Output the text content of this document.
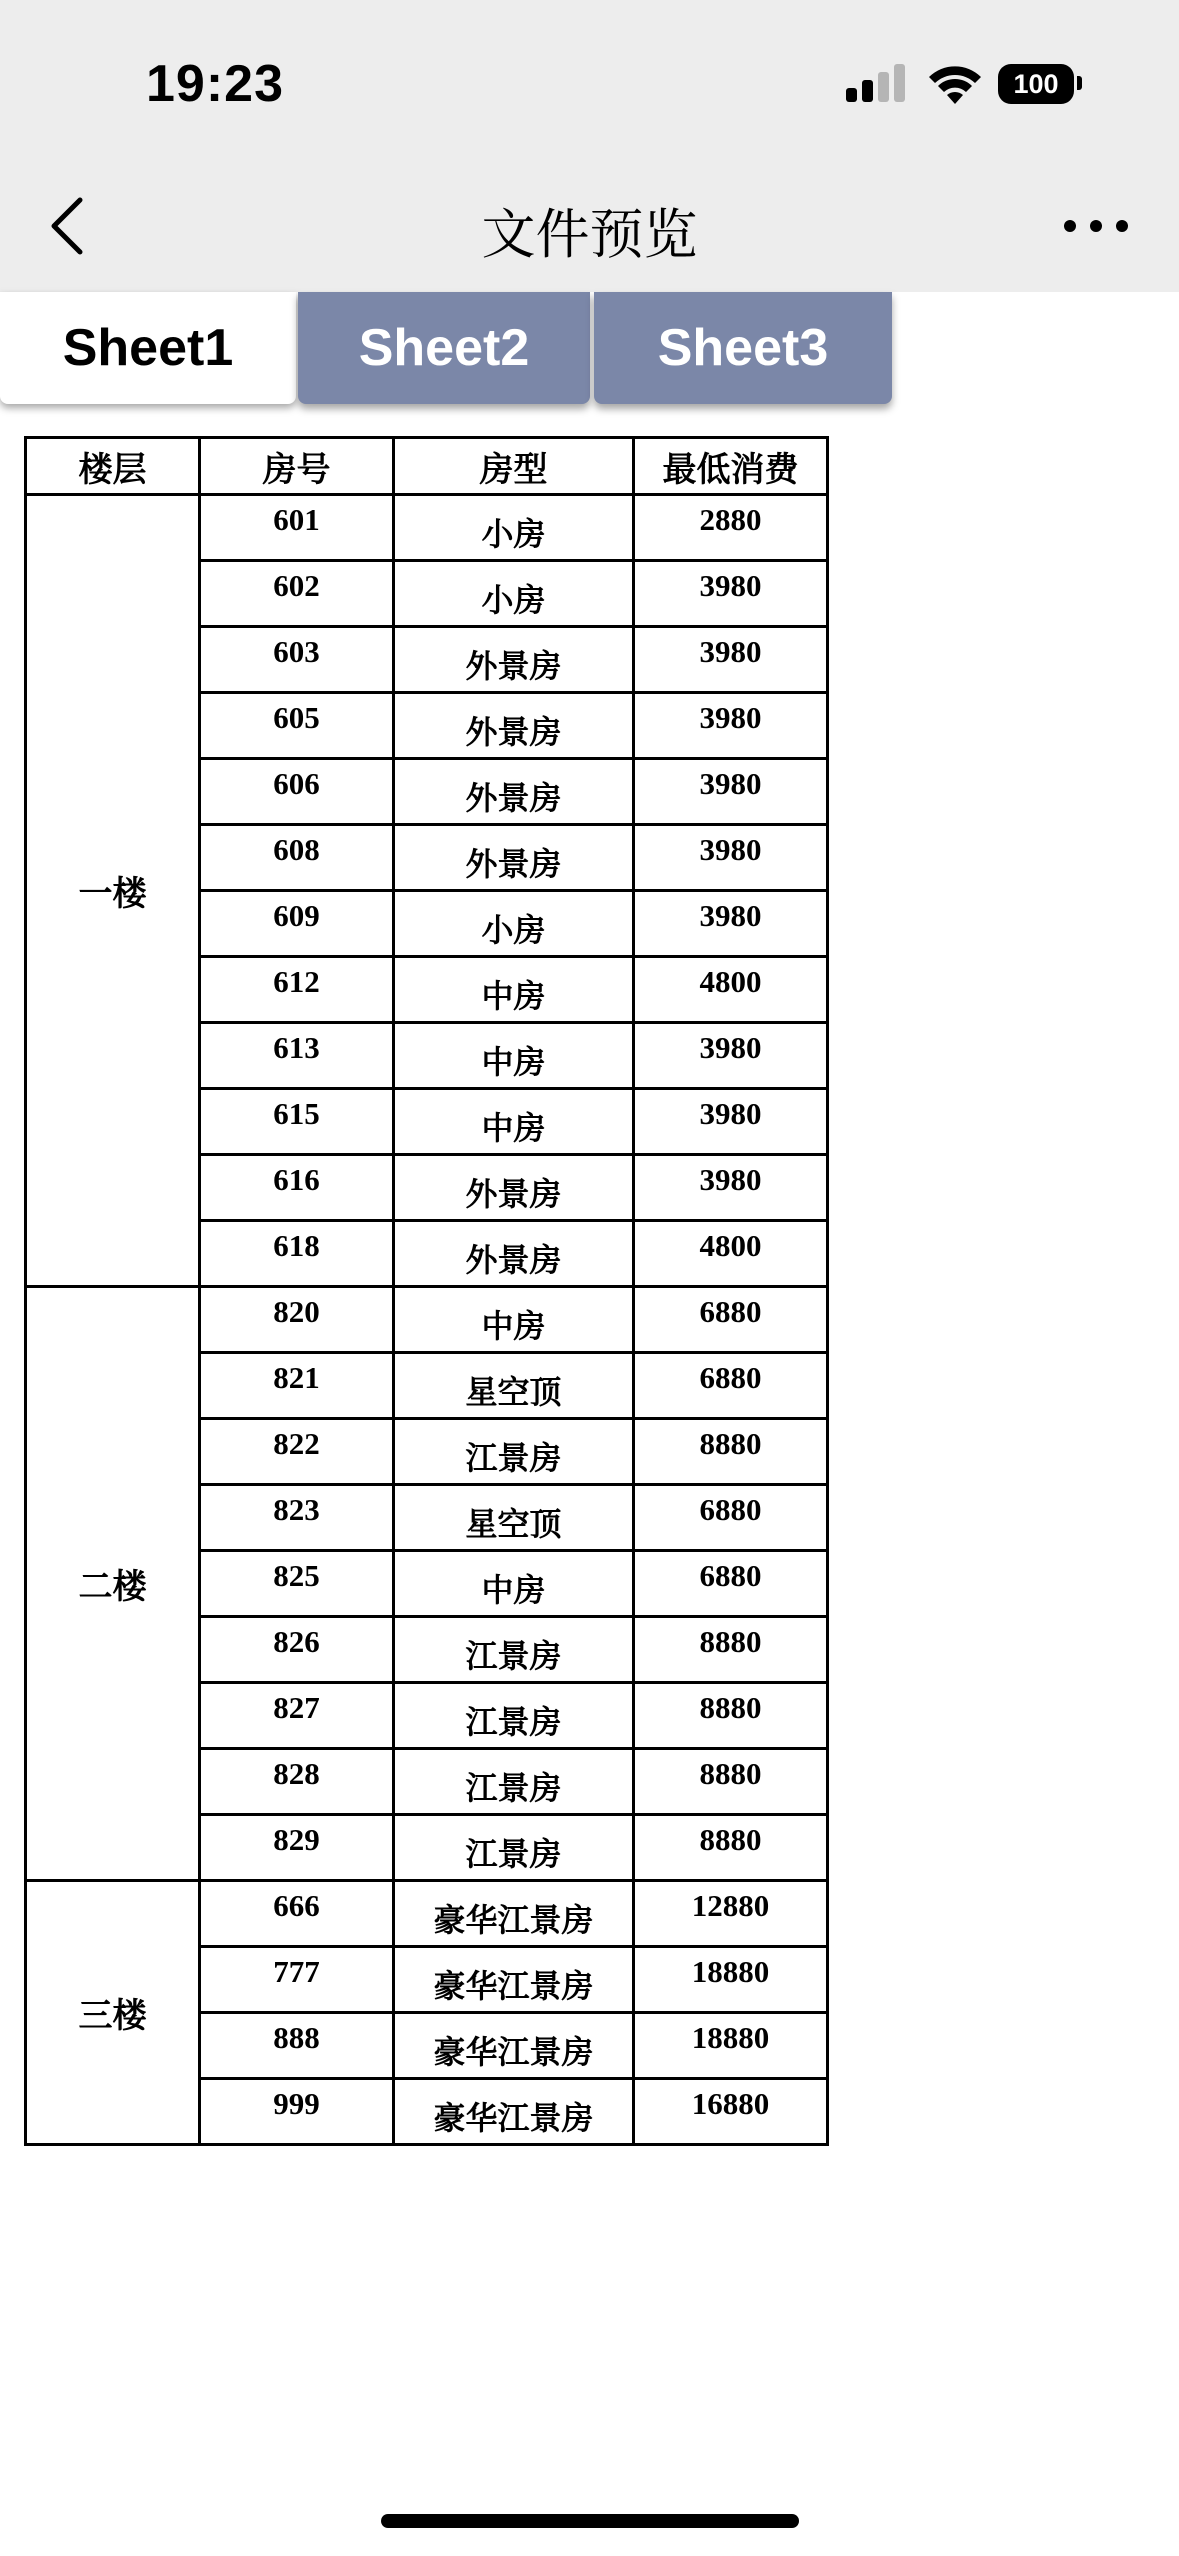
19:23	100
文件预览
Sheet1	Sheet2	Sheet3
楼层	房号	房型	最低消费
一楼	601	小房	2880
	602	小房	3980
	603	外景房	3980
	605	外景房	3980
	606	外景房	3980
	608	外景房	3980
	609	小房	3980
	612	中房	4800
	613	中房	3980
	615	中房	3980
	616	外景房	3980
	618	外景房	4800
二楼	820	中房	6880
	821	星空顶	6880
	822	江景房	8880
	823	星空顶	6880
	825	中房	6880
	826	江景房	8880
	827	江景房	8880
	828	江景房	8880
	829	江景房	8880
三楼	666	豪华江景房	12880
	777	豪华江景房	18880
	888	豪华江景房	18880
	999	豪华江景房	16880
